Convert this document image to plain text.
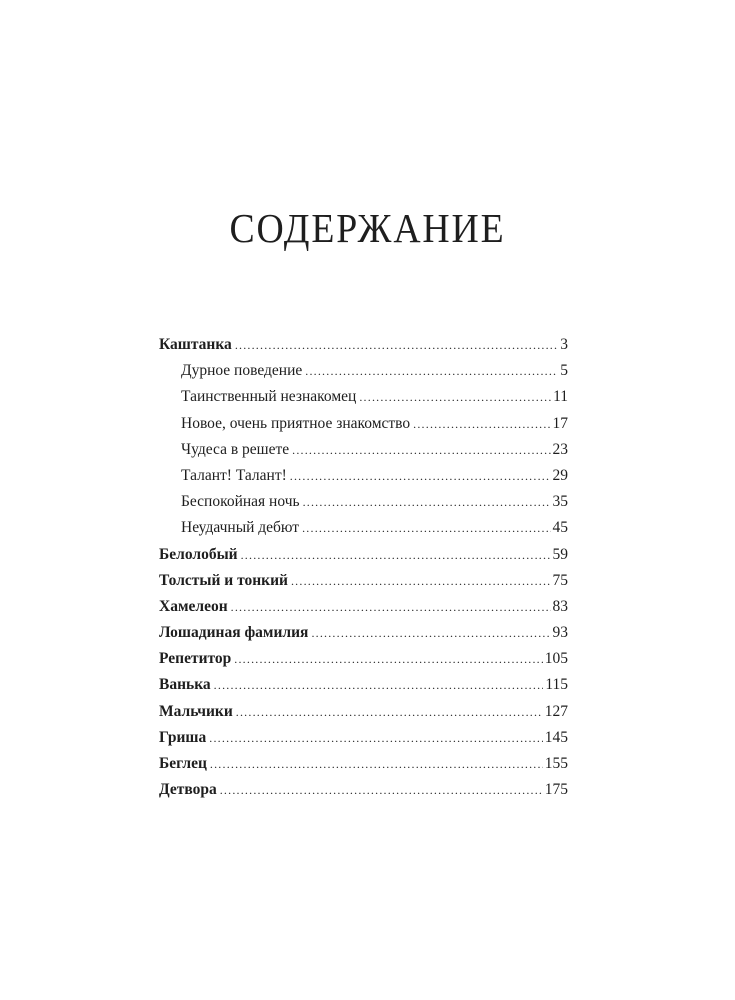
СОДЕРЖАНИЕ
Каштанка .....	3
Дурное поведение .....	5
Таинственный незнакомец .....	11
Новое, очень приятное знакомство .....	17
Чудеса в решете .....	23
Талант! Талант! .....	29
Беспокойная ночь .....	35
Неудачный дебют .....	45
Белолобый .....	59
Толстый и тонкий .....	75
Хамелеон .....	83
Лошадиная фамилия .....	93
Репетитор .....	105
Ванька .....	115
Мальчики .....	127
Гриша .....	145
Беглец .....	155
Детвора .....	175
